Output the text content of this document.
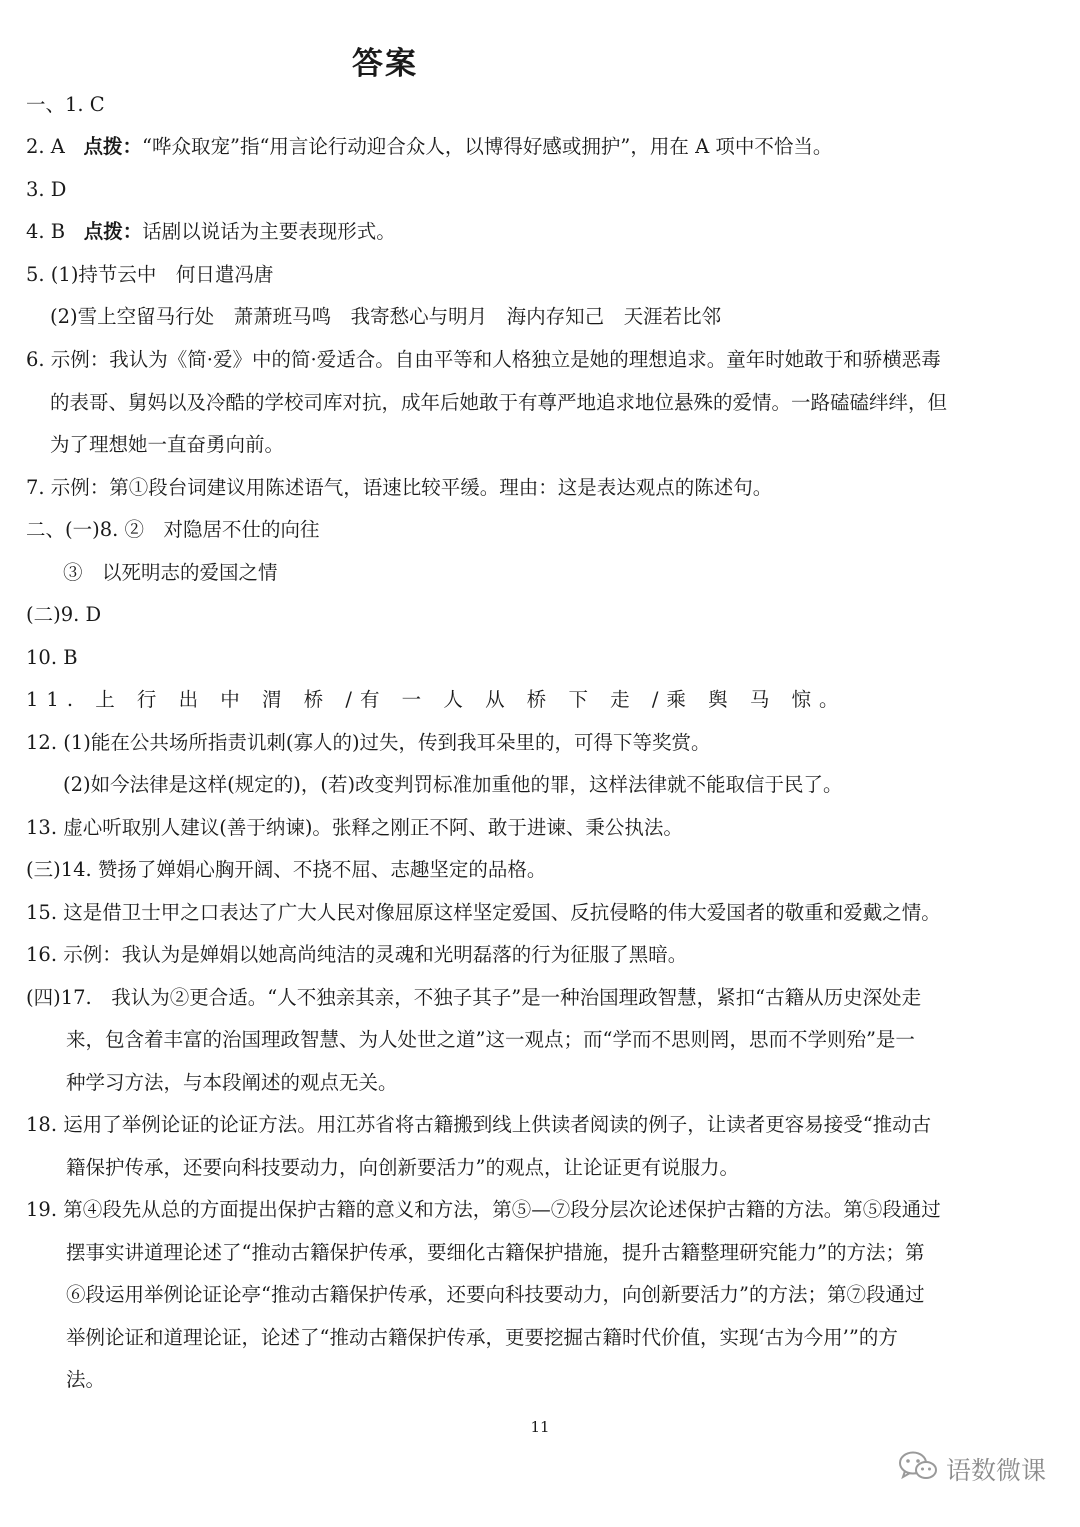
答案
一、1. C
2. A 点拨：“哗众取宠”指“用言论行动迎合众人，以博得好感或拥护”，用在 A 项中不恰当。
3. D
4. B 点拨：话剧以说话为主要表现形式。
5. (1)持节云中　何日遣冯唐
(2)雪上空留马行处　萧萧班马鸣　我寄愁心与明月　海内存知己　天涯若比邻
6. 示例：我认为《简·爱》中的简·爱适合。自由平等和人格独立是她的理想追求。童年时她敢于和骄横恶毒
的表哥、舅妈以及冷酷的学校司库对抗，成年后她敢于有尊严地追求地位悬殊的爱情。一路磕磕绊绊，但
为了理想她一直奋勇向前。
7. 示例：第①段台词建议用陈述语气，语速比较平缓。理由：这是表达观点的陈述句。
二、(一)8. ②　对隐居不仕的向往
③　以死明志的爱国之情
(二)9. D
10. B
11. 上 行 出 中 渭 桥 /有 一 人 从 桥 下 走 /乘 舆 马 惊。
12. (1)能在公共场所指责讥刺(寡人的)过失，传到我耳朵里的，可得下等奖赏。
(2)如今法律是这样(规定的)，(若)改变判罚标准加重他的罪，这样法律就不能取信于民了。
13. 虚心听取别人建议(善于纳谏)。张释之刚正不阿、敢于进谏、秉公执法。
(三)14. 赞扬了婵娟心胸开阔、不挠不屈、志趣坚定的品格。
15. 这是借卫士甲之口表达了广大人民对像屈原这样坚定爱国、反抗侵略的伟大爱国者的敬重和爱戴之情。
16. 示例：我认为是婵娟以她高尚纯洁的灵魂和光明磊落的行为征服了黑暗。
(四)17.　我认为②更合适。“人不独亲其亲，不独子其子”是一种治国理政智慧，紧扣“古籍从历史深处走
来，包含着丰富的治国理政智慧、为人处世之道”这一观点；而“学而不思则罔，思而不学则殆”是一
种学习方法，与本段阐述的观点无关。
18. 运用了举例论证的论证方法。用江苏省将古籍搬到线上供读者阅读的例子，让读者更容易接受“推动古
籍保护传承，还要向科技要动力，向创新要活力”的观点，让论证更有说服力。
19. 第④段先从总的方面提出保护古籍的意义和方法，第⑤—⑦段分层次论述保护古籍的方法。第⑤段通过
摆事实讲道理论述了“推动古籍保护传承，要细化古籍保护措施，提升古籍整理研究能力”的方法；第
⑥段运用举例论证论亭“推动古籍保护传承，还要向科技要动力，向创新要活力”的方法；第⑦段通过
举例论证和道理论证，论述了“推动古籍保护传承，更要挖掘古籍时代价值，实现‘古为今用’”的方
法。
11
语数微课
